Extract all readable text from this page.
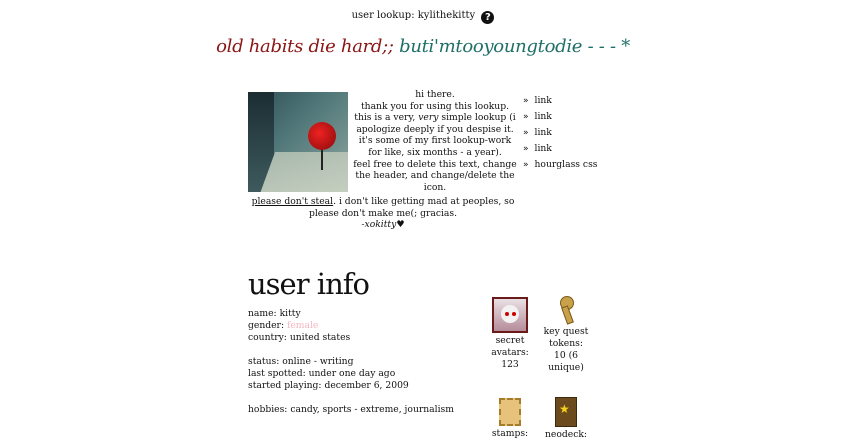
user lookup: kylithekitty ?
old habits die hard;; buti'mtooyoungtodie - - - *
hi there.
thank you for using this lookup. this is a very, very simple lookup (i apologize deeply if you despise it. it's some of my first lookup-work for like, six months - a year).
feel free to delete this text, change the header, and change/delete the icon.
please don't steal. i don't like getting mad at peoples, so please don't make me(; gracias.
-xokitty♥
» link
» link
» link
» link
» hourglass css
user info
name: kitty
gender: female
country: united states
status: online - writing
last spotted: under one day ago
started playing: december 6, 2009
hobbies: candy, sports - extreme, journalism
secret avatars:
123
key quest tokens:
10 (6 unique)
stamps:
★
neodeck:
